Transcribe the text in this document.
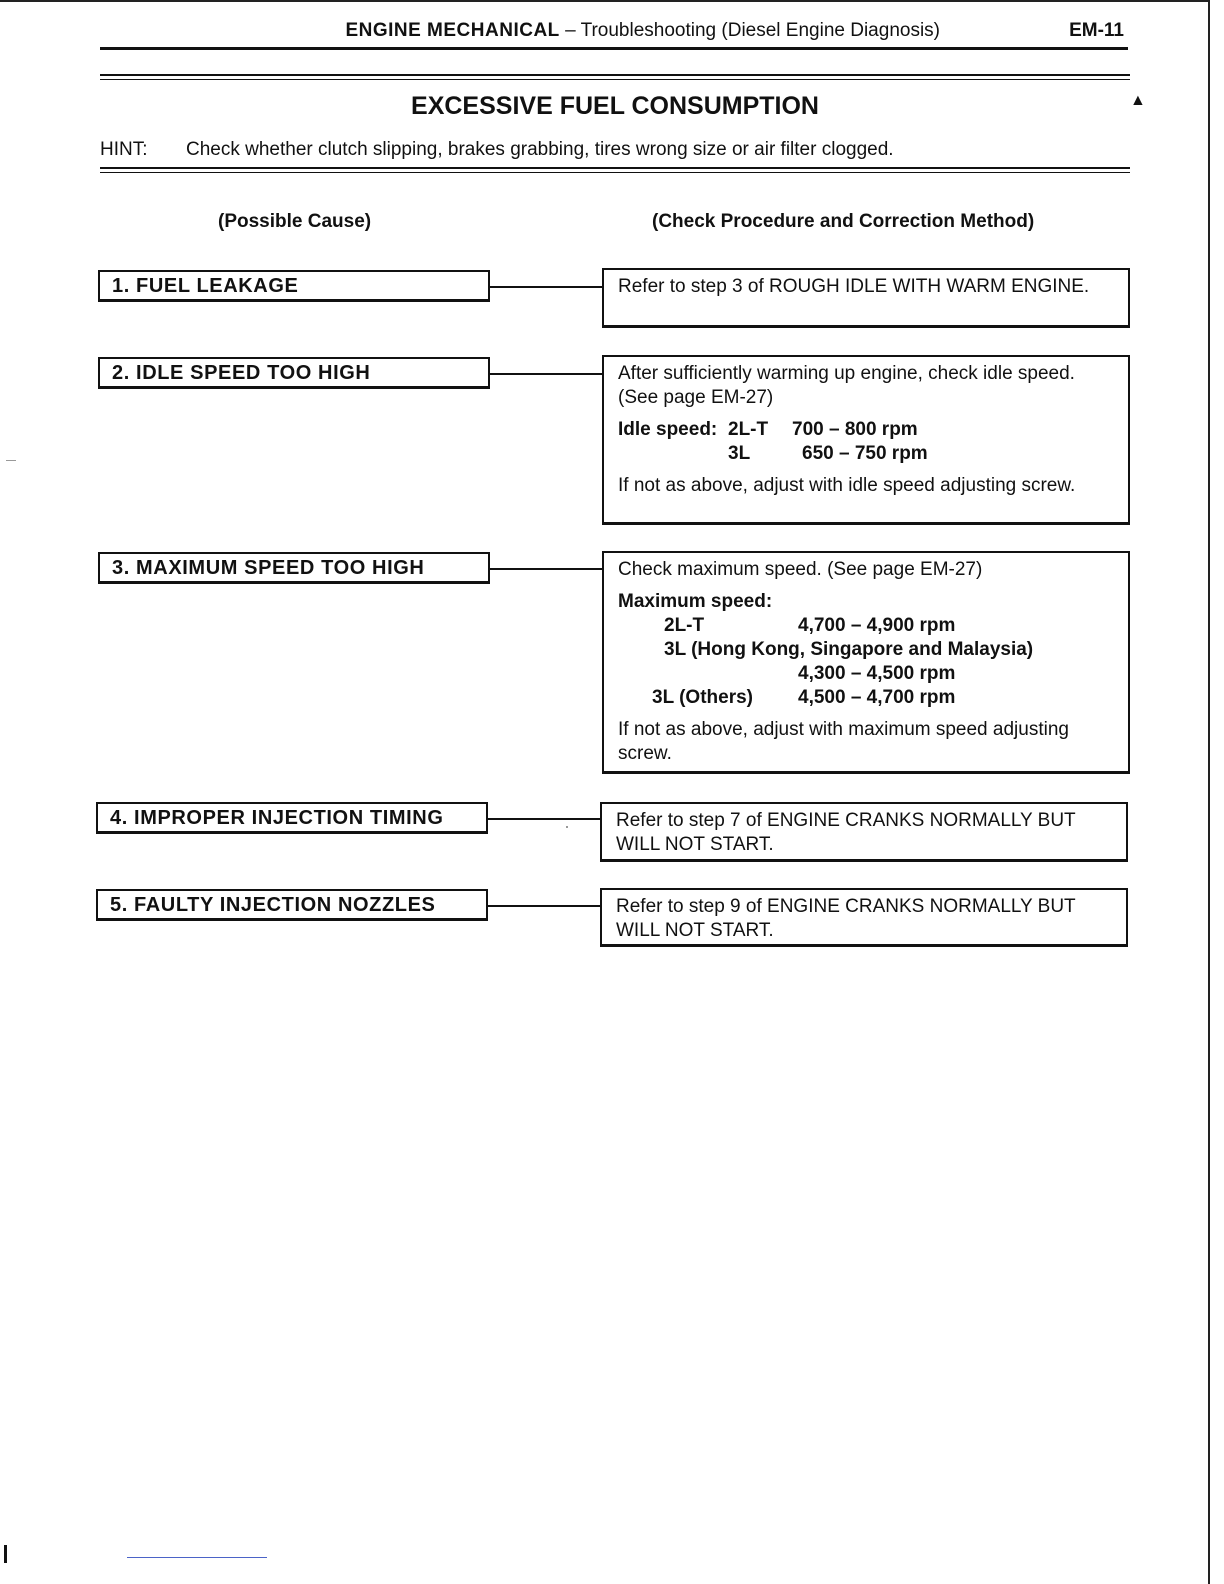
ENGINE MECHANICAL – Troubleshooting (Diesel Engine Diagnosis)	EM-11
EXCESSIVE FUEL CONSUMPTION	▲
HINT: Check whether clutch slipping, brakes grabbing, tires wrong size or air filter clogged.
(Possible Cause)	(Check Procedure and Correction Method)
1. FUEL LEAKAGE	Refer to step 3 of ROUGH IDLE WITH WARM ENGINE.

2. IDLE SPEED TOO HIGH	After sufficiently warming up engine, check idle speed. (See page EM-27)

Idle speed: 2L-T 700 – 800 rpm
3L	650 – 750 rpm

If not as above, adjust with idle speed adjusting screw.

3. MAXIMUM SPEED TOO HIGH	Check maximum speed. (See page EM-27)

Maximum speed:
2L-T	4,700 – 4,900 rpm
3L (Hong Kong, Singapore and Malaysia)
4,300 – 4,500 rpm
3L (Others) 4,500 – 4,700 rpm

If not as above, adjust with maximum speed adjusting screw.

4. IMPROPER INJECTION TIMING	Refer to step 7 of ENGINE CRANKS NORMALLY BUT WILL NOT START.

5. FAULTY INJECTION NOZZLES	Refer to step 9 of ENGINE CRANKS NORMALLY BUT WILL NOT START.
